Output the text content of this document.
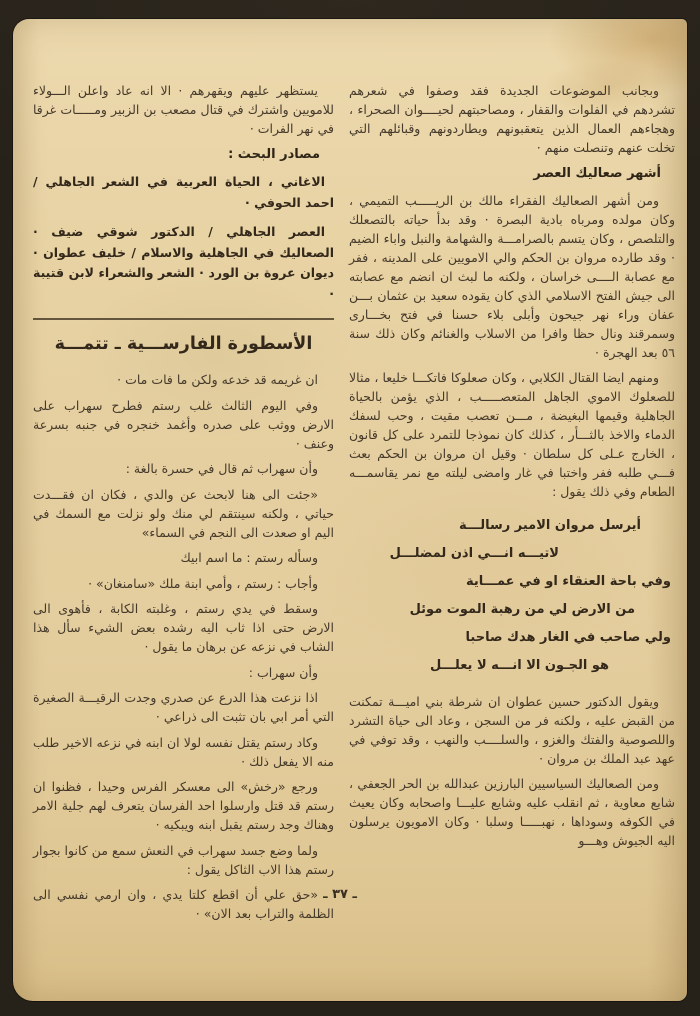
وبجانب الموضوعات الجديدة فقد وصفوا في شعرهم تشردهم في الفلوات والقفار ، ومصاحبتهم لحيــــوان الصحراء ، وهجاءهم العمال الذين يتعقبونهم ويطاردونهم وقبائلهم التي تخلت عنهم وتنصلت منهم ·

أشهر صعاليك العصر

ومن أشهر الصعاليك الفقراء مالك بن الريـــــب التميمي ، وكان مولده ومرباه بادية البصرة · وقد بدأ حياته بالتصعلك والتلصص ، وكان يتسم بالصرامـــة والشهامة والنبل واباء الضيم · وقد طارده مروان بن الحكم والي الامويين على المدينه ، ففر مع عصابة الــــى خراسان ، ولكنه ما لبث ان انضم مع عصابته الى جيش الفتح الاسلامي الذي كان يقوده سعيد بن عثمان بـــن عفان وراء نهر جيحون وأبلى بلاء حسنا في فتح بخـــارى وسمرقند ونال حظا وافرا من الاسلاب والغنائم وكان ذلك سنة ٥٦ بعد الهجرة ·

ومنهم ايضا القتال الكلابي ، وكان صعلوكا فاتكـــا خليعا ، مثالا للصعلوك الاموي الجاهل المتعصـــــب ، الذي يؤمن بالحياة الجاهلية وقيمها البغيضة ، مـــن تعصب مقيت ، وحب لسفك الدماء والاخذ بالثـــأر ، كذلك كان نموذجا للتمرد على كل قانون ، الخارج عـلى كل سلطان · وقيل ان مروان بن الحكم بعث فـــي طلبه ففر واختبا في غار وامضى ليلته مع نمر يقاسمـــه الطعام وفي ذلك يقول :

أيرسل مروان الامير رسالـــة
لاتيـــه انـــي اذن لمضلـــل
وفي باحة العنقاء او في عمـــاية
من الارض لي من رهبة الموت موئل
ولي صاحب في الغار هدك صاحبا
هو الجـون الا انـــه لا يعلـــل

ويقول الدكتور حسين عطوان ان شرطة بني اميـــة تمكنت من القبض عليه ، ولكنه فر من السجن ، وعاد الى حياة التشرد واللصوصية والفتك والغزو ، والسلــــب والنهب ، وقد توفي في عهد عبد الملك بن مروان ·

ومن الصعاليك السياسيين البارزين عبدالله بن الحر الجعفي ، شايع معاوية ، ثم انقلب عليه وشايع عليـــا واصحابه وكان يعيث في الكوفه وسوداها ، نهبـــــا وسلبا · وكان الامويون يرسلون اليه الجيوش وهـــو

يستظهر عليهم ويقهرهم · الا انه عاد واعلن الـــولاء للامويين واشترك في قتال مصعب بن الزبير ومـــــات غرقا في نهر الفرات ·

مصادر البحث :

الاغاني ، الحياة العربية في الشعر الجاهلي / احمد الحوفي ·

العصر الجاهلي / الدكتور شوقي ضيف · الصعاليك في الجاهلية والاسلام / خليف عطوان · ديوان عروة بن الورد · الشعر والشعراء لابن قتيبة ·

الأسطورة الفارســـية ـ تتمـــة

ان غريمه قد خدعه ولكن ما فات مات ·

وفي اليوم الثالث غلب رستم فطرح سهراب على الارض ووثب على صدره وأغمد خنجره في جنبه بسرعة وعنف ·

وأن سهراب ثم قال في حسرة بالغة :

«جئت الى هنا لابحث عن والدي ، فكان ان فقـــدت حياتي ، ولكنه سينتقم لي منك ولو نزلت مع السمك في اليم او صعدت الى النجم في السماء»

وسأله رستم : ما اسم ابيك

وأجاب : رستم ، وأمي ابنة ملك «سامنغان» ·

وسقط في يدي رستم ، وغلبته الكابة ، فأهوى الى الارض حتى اذا ثاب اليه رشده بعض الشيء سأل هذا الشاب في نزعه عن برهان ما يقول ·

وأن سهراب :

اذا نزعت هذا الدرع عن صدري وجدت الرقيـــة الصغيرة التي أمر ابي بان تثبت الى ذراعي ·

وكاد رستم يقتل نفسه لولا ان ابنه في نزعه الاخير طلب منه الا يفعل ذلك ·

ورجع «رخش» الى معسكر الفرس وحيدا ، فظنوا ان رستم قد قتل وارسلوا احد الفرسان يتعرف لهم جلية الامر وهناك وجد رستم يقبل ابنه ويبكيه ·

ولما وضع جسد سهراب في النعش سمع من كانوا بجوار رستم هذا الاب الثاكل يقول :

«حق علي أن اقطع كلتا يدي ، وان ارمي نفسي الى الظلمة والتراب بعد الان» ·

ـ ٣٧ ـ
